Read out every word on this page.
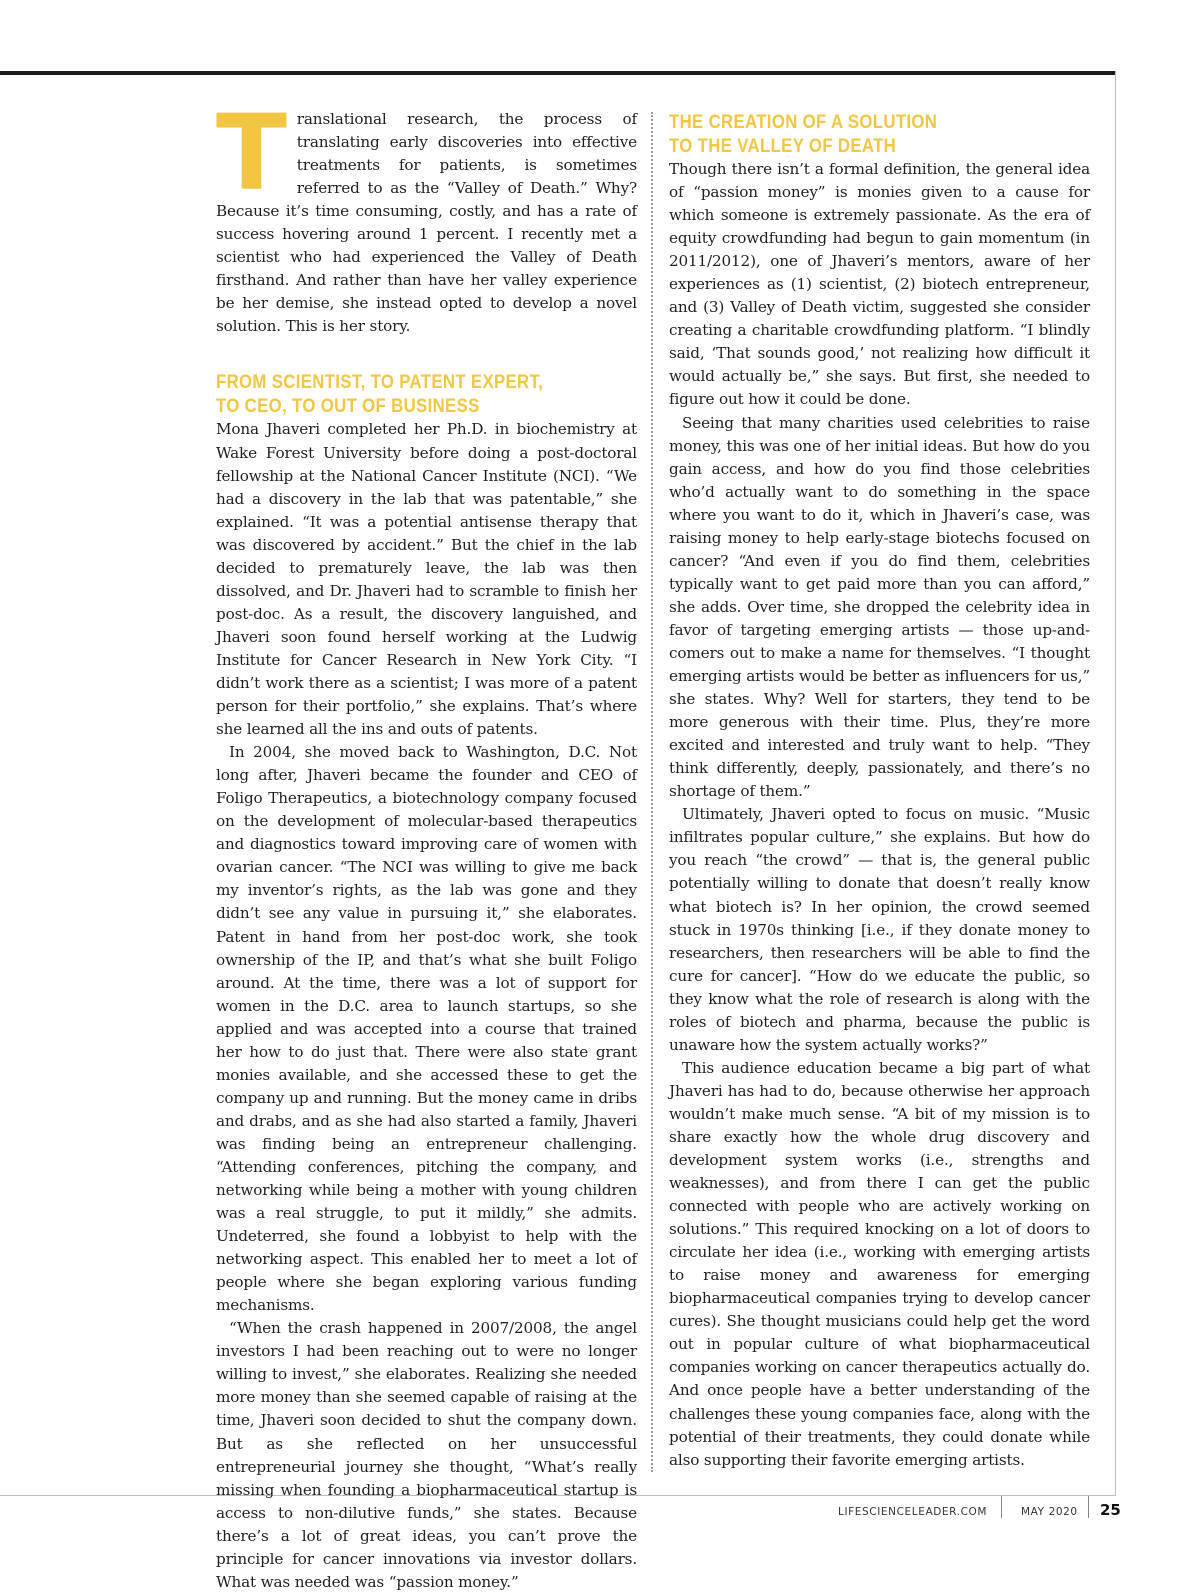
Translational research, the process of translating early discoveries into effective treatments for patients, is sometimes referred to as the “Valley of Death.” Why? Because it’s time consuming, costly, and has a rate of success hovering around 1 percent. I recently met a scientist who had experienced the Valley of Death firsthand. And rather than have her valley experience be her demise, she instead opted to develop a novel solution. This is her story.

FROM SCIENTIST, TO PATENT EXPERT,
TO CEO, TO OUT OF BUSINESS

Mona Jhaveri completed her Ph.D. in biochemistry at Wake Forest University before doing a post-doctoral fellowship at the National Cancer Institute (NCI). “We had a discovery in the lab that was patentable,” she explained. “It was a potential antisense therapy that was discovered by accident.” But the chief in the lab decided to prematurely leave, the lab was then dissolved, and Dr. Jhaveri had to scramble to finish her post-doc. As a result, the discovery languished, and Jhaveri soon found herself working at the Ludwig Institute for Cancer Research in New York City. “I didn’t work there as a scientist; I was more of a patent person for their portfolio,” she explains. That’s where she learned all the ins and outs of patents.

In 2004, she moved back to Washington, D.C. Not long after, Jhaveri became the founder and CEO of Foligo Therapeutics, a biotechnology company focused on the development of molecular-based therapeutics and diagnostics toward improving care of women with ovarian cancer. “The NCI was willing to give me back my inventor’s rights, as the lab was gone and they didn’t see any value in pursuing it,” she elaborates. Patent in hand from her post-doc work, she took ownership of the IP, and that’s what she built Foligo around. At the time, there was a lot of support for women in the D.C. area to launch startups, so she applied and was accepted into a course that trained her how to do just that. There were also state grant monies available, and she accessed these to get the company up and running. But the money came in dribs and drabs, and as she had also started a family, Jhaveri was finding being an entrepreneur challenging. “Attending conferences, pitching the company, and networking while being a mother with young children was a real struggle, to put it mildly,” she admits. Undeterred, she found a lobbyist to help with the networking aspect. This enabled her to meet a lot of people where she began exploring various funding mechanisms.

“When the crash happened in 2007/2008, the angel investors I had been reaching out to were no longer willing to invest,” she elaborates. Realizing she needed more money than she seemed capable of raising at the time, Jhaveri soon decided to shut the company down. But as she reflected on her unsuccessful entrepreneurial journey she thought, “What’s really missing when founding a biopharmaceutical startup is access to non-dilutive funds,” she states. Because there’s a lot of great ideas, you can’t prove the principle for cancer innovations via investor dollars. What was needed was “passion money.”

THE CREATION OF A SOLUTION
TO THE VALLEY OF DEATH

Though there isn’t a formal definition, the general idea of “passion money” is monies given to a cause for which someone is extremely passionate. As the era of equity crowdfunding had begun to gain momentum (in 2011/2012), one of Jhaveri’s mentors, aware of her experiences as (1) scientist, (2) biotech entrepreneur, and (3) Valley of Death victim, suggested she consider creating a charitable crowdfunding platform. “I blindly said, ‘That sounds good,’ not realizing how difficult it would actually be,” she says. But first, she needed to figure out how it could be done.

Seeing that many charities used celebrities to raise money, this was one of her initial ideas. But how do you gain access, and how do you find those celebrities who’d actually want to do something in the space where you want to do it, which in Jhaveri’s case, was raising money to help early-stage biotechs focused on cancer? “And even if you do find them, celebrities typically want to get paid more than you can afford,” she adds. Over time, she dropped the celebrity idea in favor of targeting emerging artists — those up-and-comers out to make a name for themselves. “I thought emerging artists would be better as influencers for us,” she states. Why? Well for starters, they tend to be more generous with their time. Plus, they’re more excited and interested and truly want to help. “They think differently, deeply, passionately, and there’s no shortage of them.”

Ultimately, Jhaveri opted to focus on music. “Music infiltrates popular culture,” she explains. But how do you reach “the crowd” — that is, the general public potentially willing to donate that doesn’t really know what biotech is? In her opinion, the crowd seemed stuck in 1970s thinking [i.e., if they donate money to researchers, then researchers will be able to find the cure for cancer]. “How do we educate the public, so they know what the role of research is along with the roles of biotech and pharma, because the public is unaware how the system actually works?”

This audience education became a big part of what Jhaveri has had to do, because otherwise her approach wouldn’t make much sense. “A bit of my mission is to share exactly how the whole drug discovery and development system works (i.e., strengths and weaknesses), and from there I can get the public connected with people who are actively working on solutions.” This required knocking on a lot of doors to circulate her idea (i.e., working with emerging artists to raise money and awareness for emerging biopharmaceutical companies trying to develop cancer cures). She thought musicians could help get the word out in popular culture of what biopharmaceutical companies working on cancer therapeutics actually do. And once people have a better understanding of the challenges these young companies face, along with the potential of their treatments, they could donate while also supporting their favorite emerging artists.

LIFESCIENCELEADER.COM	MAY 2020 25
